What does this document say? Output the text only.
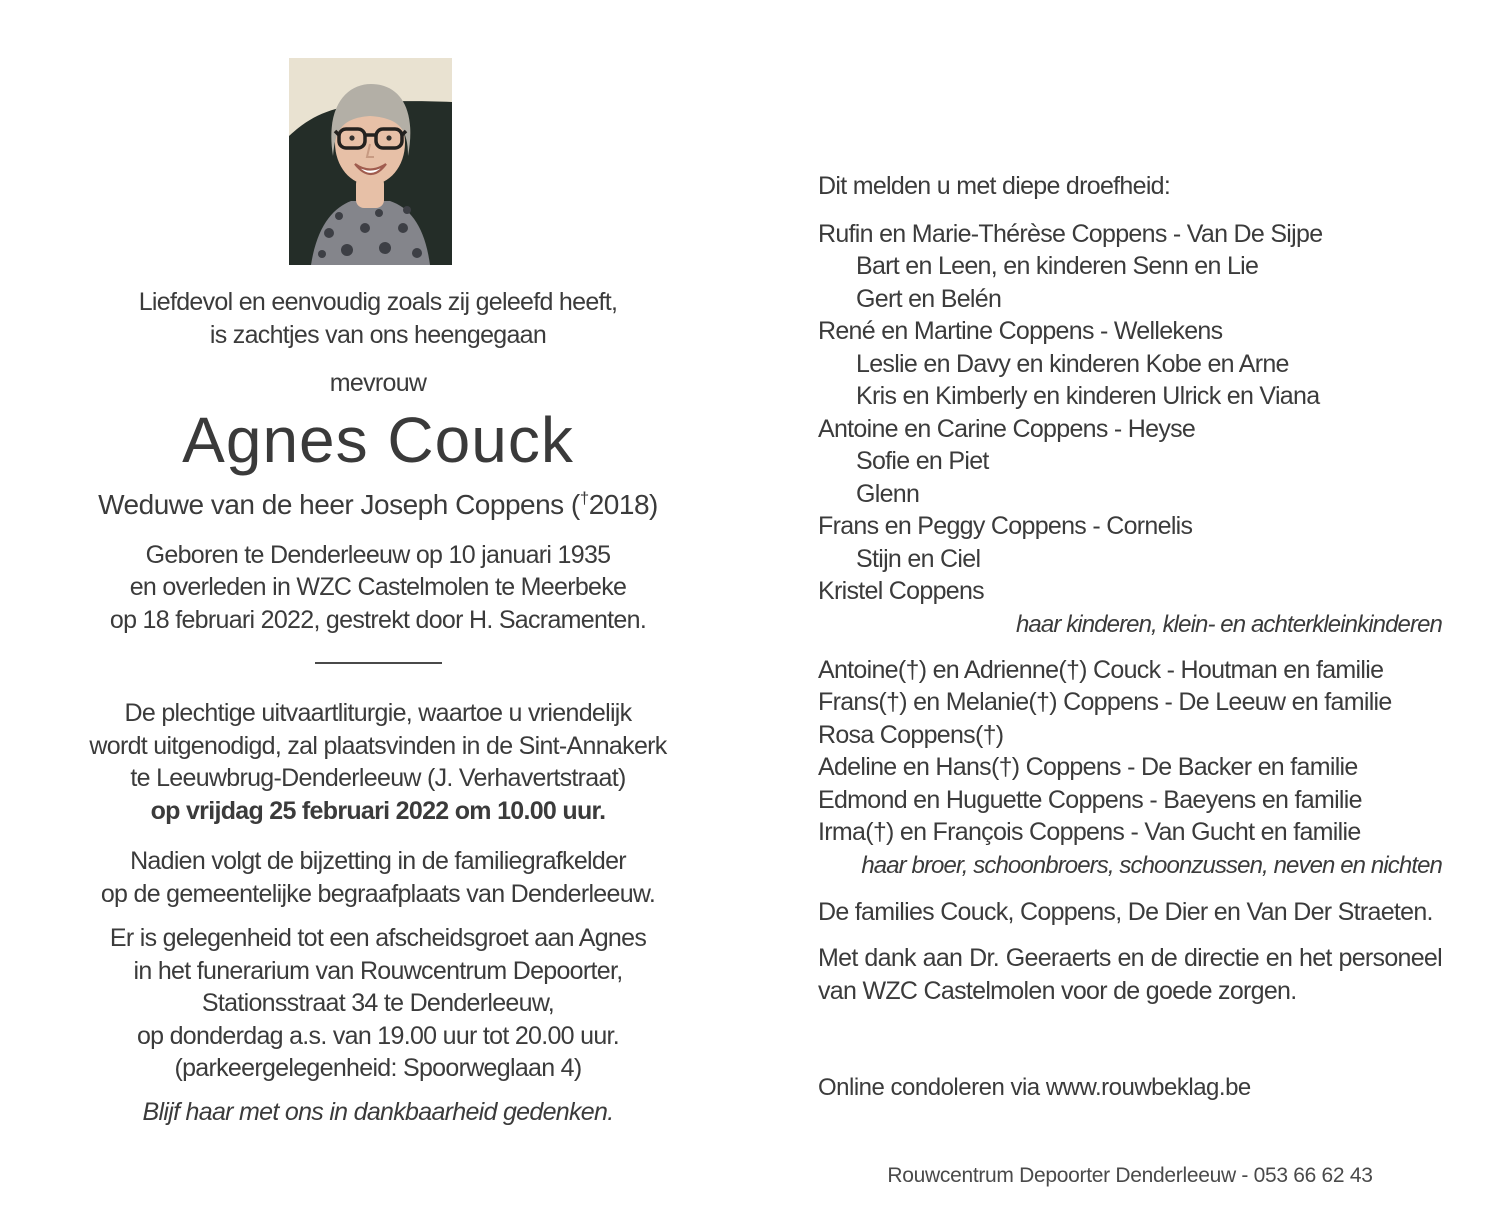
Liefdevol en eenvoudig zoals zij geleefd heeft,
is zachtjes van ons heengegaan
mevrouw
Agnes Couck
Weduwe van de heer Joseph Coppens (†2018)
Geboren te Denderleeuw op 10 januari 1935
en overleden in WZC Castelmolen te Meerbeke
op 18 februari 2022, gestrekt door H. Sacramenten.
De plechtige uitvaartliturgie, waartoe u vriendelijk
wordt uitgenodigd, zal plaatsvinden in de Sint-Annakerk
te Leeuwbrug-Denderleeuw (J. Verhavertstraat)
op vrijdag 25 februari 2022 om 10.00 uur.
Nadien volgt de bijzetting in de familiegrafkelder
op de gemeentelijke begraafplaats van Denderleeuw.
Er is gelegenheid tot een afscheidsgroet aan Agnes
in het funerarium van Rouwcentrum Depoorter,
Stationsstraat 34 te Denderleeuw,
op donderdag a.s. van 19.00 uur tot 20.00 uur.
(parkeergelegenheid: Spoorweglaan 4)
Blijf haar met ons in dankbaarheid gedenken.
Dit melden u met diepe droefheid:
Rufin en Marie-Thérèse Coppens - Van De Sijpe
Bart en Leen, en kinderen Senn en Lie
Gert en Belén
René en Martine Coppens - Wellekens
Leslie en Davy en kinderen Kobe en Arne
Kris en Kimberly en kinderen Ulrick en Viana
Antoine en Carine Coppens - Heyse
Sofie en Piet
Glenn
Frans en Peggy Coppens - Cornelis
Stijn en Ciel
Kristel Coppens
haar kinderen, klein- en achterkleinkinderen
Antoine(†) en Adrienne(†) Couck - Houtman en familie
Frans(†) en Melanie(†) Coppens - De Leeuw en familie
Rosa Coppens(†)
Adeline en Hans(†) Coppens - De Backer en familie
Edmond en Huguette Coppens - Baeyens en familie
Irma(†) en François Coppens - Van Gucht en familie
haar broer, schoonbroers, schoonzussen, neven en nichten
De families Couck, Coppens, De Dier en Van Der Straeten.
Met dank aan Dr. Geeraerts en de directie en het personeel
van WZC Castelmolen voor de goede zorgen.
Online condoleren via www.rouwbeklag.be
Rouwcentrum Depoorter Denderleeuw - 053 66 62 43
